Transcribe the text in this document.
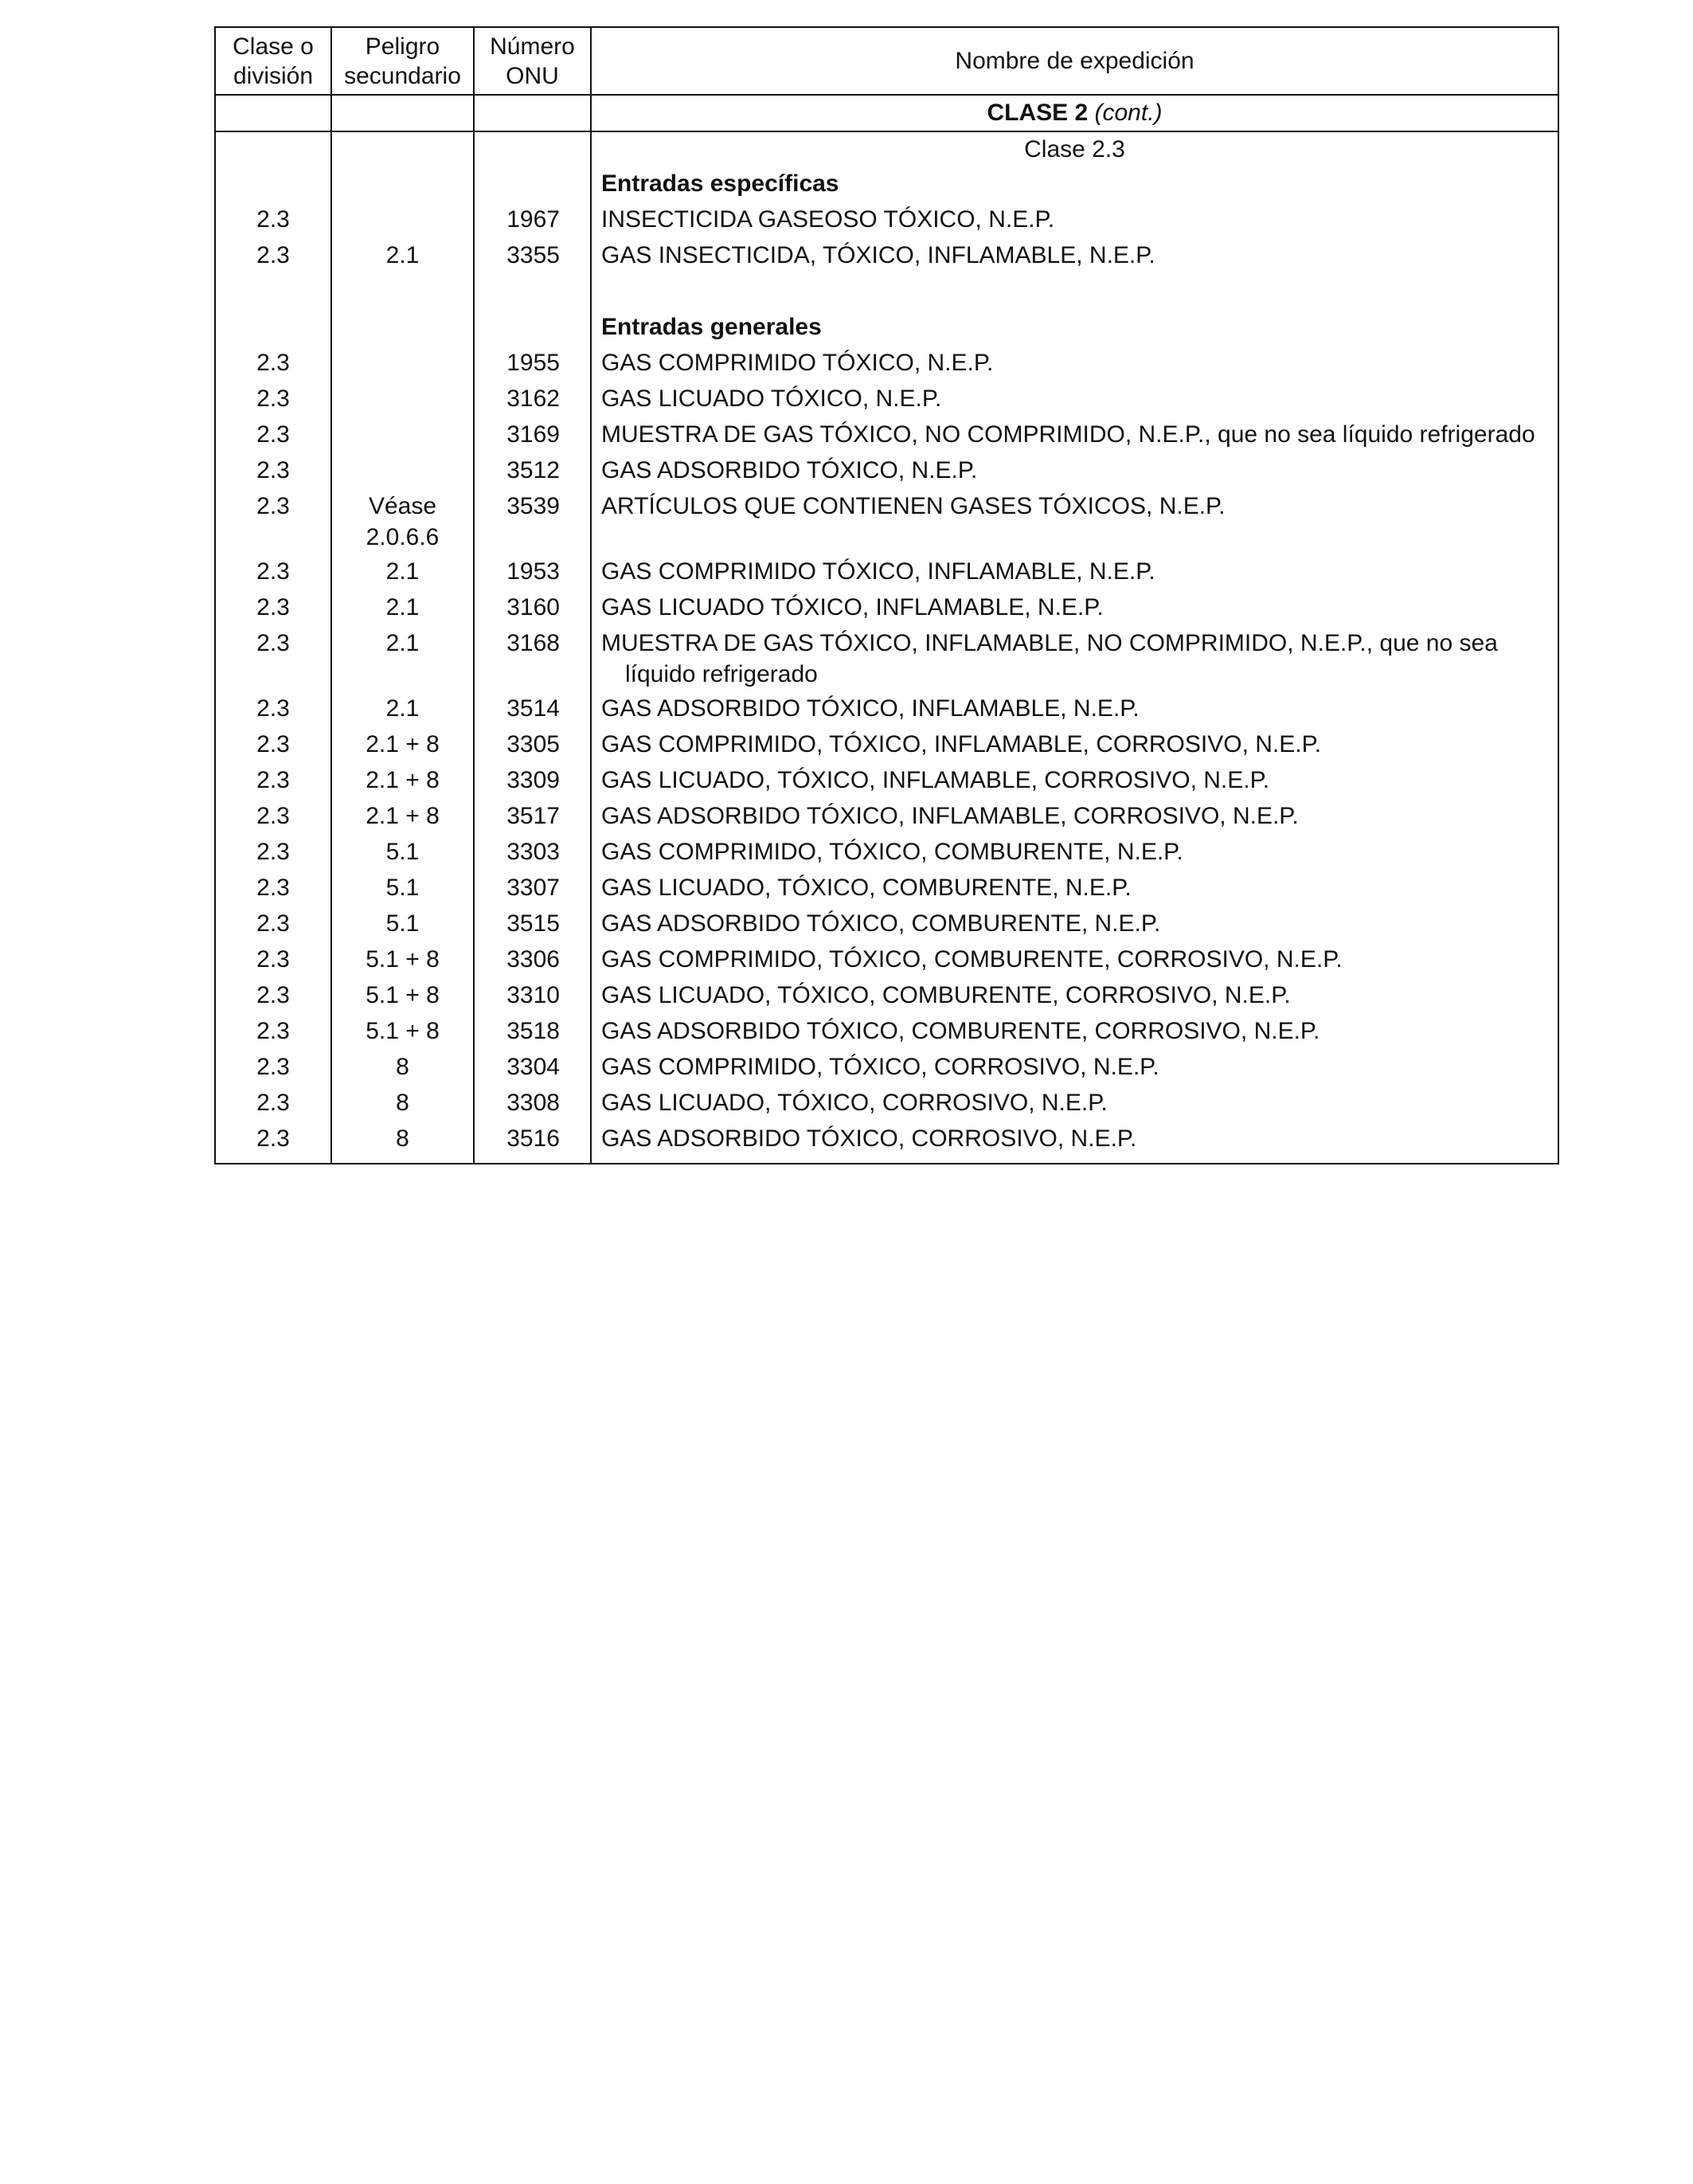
Clase o división
Peligro secundario
Número ONU
Nombre de expedición
2.3
2.3
2.3
2.3
2.3
2.3
2.3
2.3
2.3
2.3
2.3
2.3
2.3
2.3
2.3
2.3
2.3
2.3
2.3
2.3
2.3
2.3
2.3
2.1
Véase
2.0.6.6
2.1
2.1
2.1
2.1
2.1 + 8
2.1 + 8
2.1 + 8
5.1
5.1
5.1
5.1 + 8
5.1 + 8
5.1 + 8
8
8
8
1967
3355
1955
3162
3169
3512
3539
1953
3160
3168
3514
3305
3309
3517
3303
3307
3515
3306
3310
3518
3304
3308
3516
CLASE 2
(cont.)
Clase 2.3
Entradas específicas
INSECTICIDA GASEOSO TÓXICO, N.E.P.
GAS INSECTICIDA, TÓXICO, INFLAMABLE, N.E.P.
Entradas generales
GAS COMPRIMIDO TÓXICO, N.E.P.
GAS LICUADO TÓXICO, N.E.P.
MUESTRA DE GAS TÓXICO, NO COMPRIMIDO, N.E.P., que no sea líquido refrigerado
GAS ADSORBIDO TÓXICO, N.E.P.
ARTÍCULOS QUE CONTIENEN GASES TÓXICOS, N.E.P.
GAS COMPRIMIDO TÓXICO, INFLAMABLE, N.E.P.
GAS LICUADO TÓXICO, INFLAMABLE, N.E.P.
MUESTRA DE GAS TÓXICO, INFLAMABLE, NO COMPRIMIDO, N.E.P., que no sea
líquido refrigerado
GAS ADSORBIDO TÓXICO, INFLAMABLE, N.E.P.
GAS COMPRIMIDO, TÓXICO, INFLAMABLE, CORROSIVO, N.E.P.
GAS LICUADO, TÓXICO, INFLAMABLE, CORROSIVO, N.E.P.
GAS ADSORBIDO TÓXICO, INFLAMABLE, CORROSIVO, N.E.P.
GAS COMPRIMIDO, TÓXICO, COMBURENTE, N.E.P.
GAS LICUADO, TÓXICO, COMBURENTE, N.E.P.
GAS ADSORBIDO TÓXICO, COMBURENTE, N.E.P.
GAS COMPRIMIDO, TÓXICO, COMBURENTE, CORROSIVO, N.E.P.
GAS LICUADO, TÓXICO, COMBURENTE, CORROSIVO, N.E.P.
GAS ADSORBIDO TÓXICO, COMBURENTE, CORROSIVO, N.E.P.
GAS COMPRIMIDO, TÓXICO, CORROSIVO, N.E.P.
GAS LICUADO, TÓXICO, CORROSIVO, N.E.P.
GAS ADSORBIDO TÓXICO, CORROSIVO, N.E.P.
